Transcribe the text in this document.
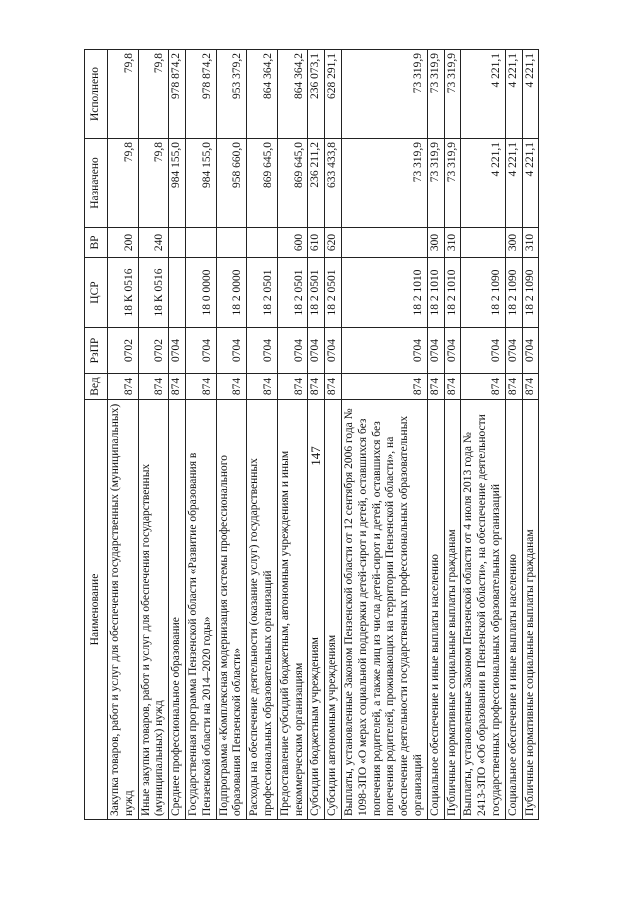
147
Наименование	Вед	РзПР	ЦСР	ВР	Назначено	Исполнено
Закупка товаров, работ и услуг для обеспечения государственных (муниципальных) нужд	874	0702	18 К 0516	200	79,8	79,8
Иные закупки товаров, работ и услуг для обеспечения государственных (муниципальных) нужд	874	0702	18 К 0516	240	79,8	79,8
Среднее профессиональное образование	874	0704			984 155,0	978 874,2
Государственная программа Пензенской области «Развитие образования в Пензенской области на 2014–2020 годы»	874	0704	18 0 0000		984 155,0	978 874,2
Подпрограмма «Комплексная модернизация системы профессионального образования Пензенской области»	874	0704	18 2 0000		958 660,0	953 379,2
Расходы на обеспечение деятельности (оказание услуг) государственных профессиональных образовательных организаций	874	0704	18 2 0501		869 645,0	864 364,2
Предоставление субсидий бюджетным, автономным учреждениям и иным некоммерческим организациям	874	0704	18 2 0501	600	869 645,0	864 364,2
Субсидии бюджетным учреждениям	874	0704	18 2 0501	610	236 211,2	236 073,1
Субсидии автономным учреждениям	874	0704	18 2 0501	620	633 433,8	628 291,1
Выплаты, установленные Законом Пензенской области от 12 сентября 2006 года № 1098-ЗПО «О мерах социальной поддержки детей-сирот и детей, оставшихся без попечения родителей, а также лиц из числа детей-сирот и детей, оставшихся без попечения родителей, проживающих на территории Пензенской области», на обеспечение деятельности государственных профессиональных образовательных организаций	874	0704	18 2 1010		73 319,9	73 319,9
Социальное обеспечение и иные выплаты населению	874	0704	18 2 1010	300	73 319,9	73 319,9
Публичные нормативные социальные выплаты гражданам	874	0704	18 2 1010	310	73 319,9	73 319,9
Выплаты, установленные Законом Пензенской области от 4 июля 2013 года № 2413-ЗПО «Об образовании в Пензенской области», на обеспечение деятельности государственных профессиональных образовательных организаций	874	0704	18 2 1090		4 221,1	4 221,1
Социальное обеспечение и иные выплаты населению	874	0704	18 2 1090	300	4 221,1	4 221,1
Публичные нормативные социальные выплаты гражданам	874	0704	18 2 1090	310	4 221,1	4 221,1
